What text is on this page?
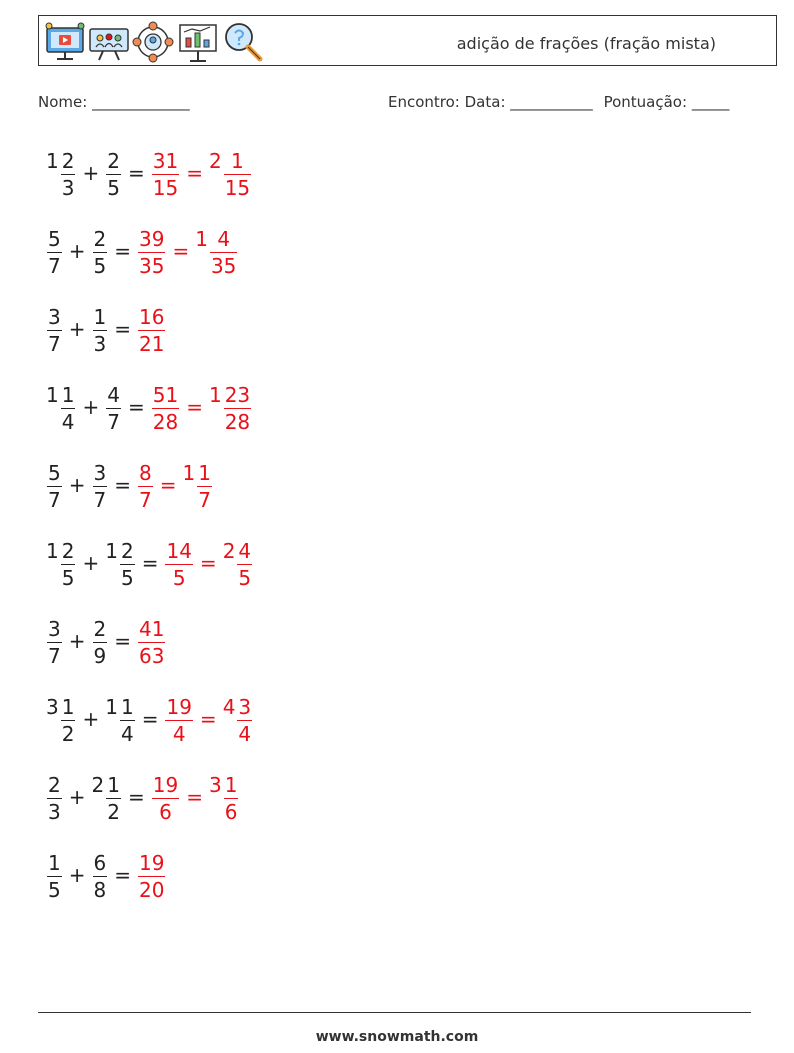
adição de frações (fração mista)
Nome: _____________	Encontro: Data: ___________ Pontuação: _____
$1 \frac{2}{3} + \frac{2}{5} = \frac{31}{15}$ =
$2 \frac{1}{15}$
$\frac{5}{7} + \frac{2}{5} = \frac{39}{35}$ =
$1 \frac{4}{35}$
$\frac{3}{7} + \frac{1}{3} = \frac{16}{21}$
$1 \frac{1}{4} + \frac{4}{7} = \frac{51}{28}$ =
$1 \frac{23}{28}$
$\frac{5}{7} + \frac{3}{7} = \frac{8}{7}$ =
$1 \frac{1}{7}$
$1 \frac{2}{5}$ +
$1 \frac{2}{5} = \frac{14}{5}$ =
$2 \frac{4}{5}$
$\frac{3}{7} + \frac{2}{9} = \frac{41}{63}$
$3 \frac{1}{2}$ +
$1 \frac{1}{4} = \frac{19}{4}$ =
$4 \frac{3}{4}$
$\frac{2}{3}$ +
$2 \frac{1}{2} = \frac{19}{6}$ =
$3 \frac{1}{6}$
$\frac{1}{5} + \frac{6}{8} = \frac{19}{20}$
www.snowmath.com
